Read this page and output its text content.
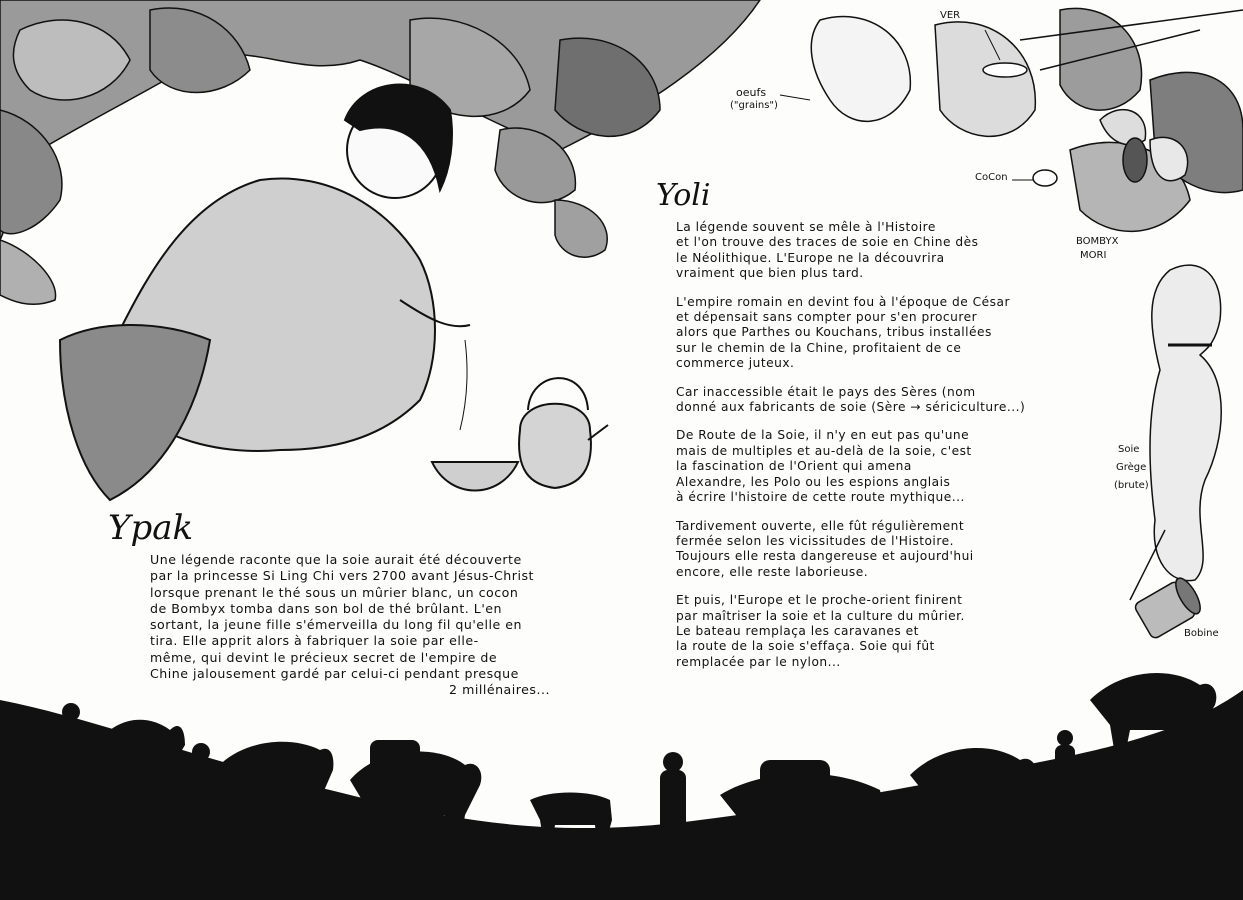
Ypak
Yoli
Une légende raconte que la soie aurait été découverte
par la princesse Si Ling Chi vers 2700 avant Jésus-Christ
lorsque prenant le thé sous un mûrier blanc, un cocon
de Bombyx tomba dans son bol de thé brûlant. L'en
sortant, la jeune fille s'émerveilla du long fil qu'elle en
tira. Elle apprit alors à fabriquer la soie par elle-
même, qui devint le précieux secret de l'empire de
Chine jalousement gardé par celui-ci pendant presque
2 millénaires...

La légende souvent se mêle à l'Histoire
et l'on trouve des traces de soie en Chine dès
le Néolithique. L'Europe ne la découvrira
vraiment que bien plus tard.

L'empire romain en devint fou à l'époque de César
et dépensait sans compter pour s'en procurer
alors que Parthes ou Kouchans, tribus installées
sur le chemin de la Chine, profitaient de ce
commerce juteux.

Car inaccessible était le pays des Sères (nom
donné aux fabricants de soie (Sère → sériciculture...)

De Route de la Soie, il n'y en eut pas qu'une
mais de multiples et au-delà de la soie, c'est
la fascination de l'Orient qui amena
Alexandre, les Polo ou les espions anglais
à écrire l'histoire de cette route mythique...

Tardivement ouverte, elle fût régulièrement
fermée selon les vicissitudes de l'Histoire.
Toujours elle resta dangereuse et aujourd'hui
encore, elle reste laborieuse.

Et puis, l'Europe et le proche-orient finirent
par maîtriser la soie et la culture du mûrier.
Le bateau remplaça les caravanes et
la route de la soie s'effaça. Soie qui fût
remplacée par le nylon...

VER
oeufs
("grains")
CoCon
BOMBYX
MORI
Soie
Grège
(brute)
Bobine
